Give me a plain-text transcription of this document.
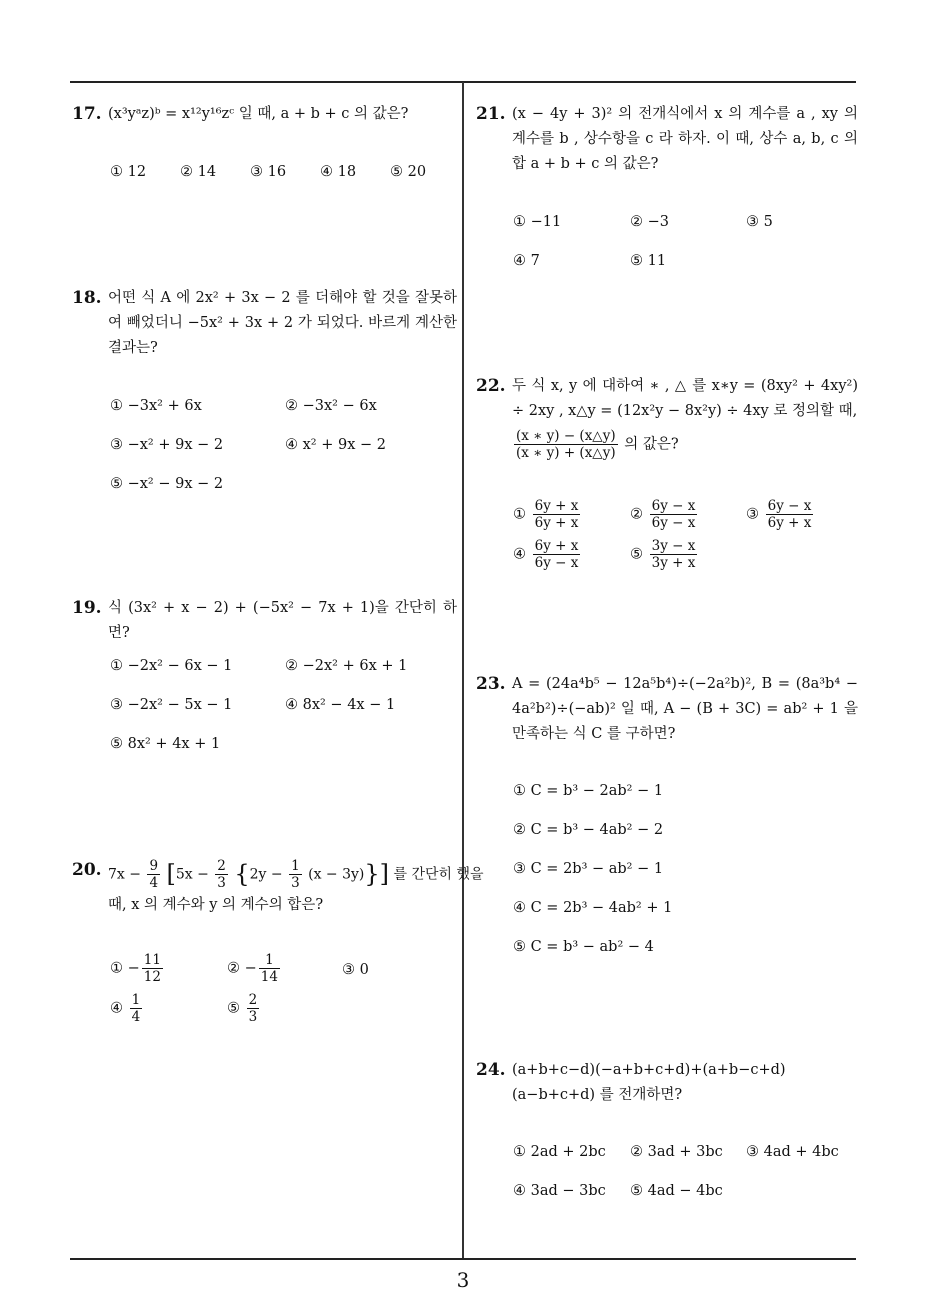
17. (x³yᵃz)ᵇ = x¹²y¹⁶zᶜ 일 때, a + b + c 의 값은?
① 12 ② 14 ③ 16 ④ 18 ⑤ 20
18. 어떤 식 A 에 2x² + 3x − 2 를 더해야 할 것을 잘못하여 빼었더니 −5x² + 3x + 2 가 되었다. 바르게 계산한 결과는?
① −3x² + 6x	② −3x² − 6x
③ −x² + 9x − 2	④ x² + 9x − 2
⑤ −x² − 9x − 2
19. 식 (3x² + x − 2) + (−5x² − 7x + 1)을 간단히 하면?
① −2x² − 6x − 1	② −2x² + 6x + 1
③ −2x² − 5x − 1	④ 8x² − 4x − 1
⑤ 8x² + 4x + 1
20. $7x - \frac{9}{4} [5x - \frac{2}{3} \{2y - \frac{1}{3} (x - 3y)\}]$ 를 간단히 했을
때, x 의 계수와 y 의 계수의 합은?
① − $\frac{11}{12}$	② − $\frac{1}{14}$	③ 0
④ $\frac{1}{4}$	⑤ $\frac{2}{3}$
21. (x − 4y + 3)² 의 전개식에서 x 의 계수를 a , xy 의 계수를 b , 상수항을 c 라 하자. 이 때, 상수 a, b, c 의 합 a + b + c 의 값은?
① −11	② −3	③ 5
④ 7	⑤ 11
22. 두 식 x, y 에 대하여 ∗ , △ 를 x∗y = (8xy² + 4xy²) ÷ 2xy , x△y = (12x²y − 8x²y) ÷ 4xy 로 정의할 때,
$\frac{(x ∗ y) - (x\triangle y)}{(x ∗ y) + (x\triangle y)}$ 의 값은?
① $\frac{6y + x}{6y + x}$	② $\frac{6y - x}{6y - x}$	③ $\frac{6y - x}{6y + x}$
④ $\frac{6y + x}{6y - x}$	⑤ $\frac{3y - x}{3y + x}$
23. A = (24a⁴b⁵ − 12a⁵b⁴)÷(−2a²b)², B = (8a³b⁴ − 4a²b²)÷(−ab)² 일 때, A − (B + 3C) = ab² + 1 을 만족하는 식 C 를 구하면?
① C = b³ − 2ab² − 1
② C = b³ − 4ab² − 2
③ C = 2b³ − ab² − 1
④ C = 2b³ − 4ab² + 1
⑤ C = b³ − ab² − 4
24. (a+b+c−d)(−a+b+c+d)+(a+b−c+d)(a−b+c+d) 를 전개하면?
① 2ad + 2bc ② 3ad + 3bc ③ 4ad + 4bc
④ 3ad − 3bc ⑤ 4ad − 4bc
3
